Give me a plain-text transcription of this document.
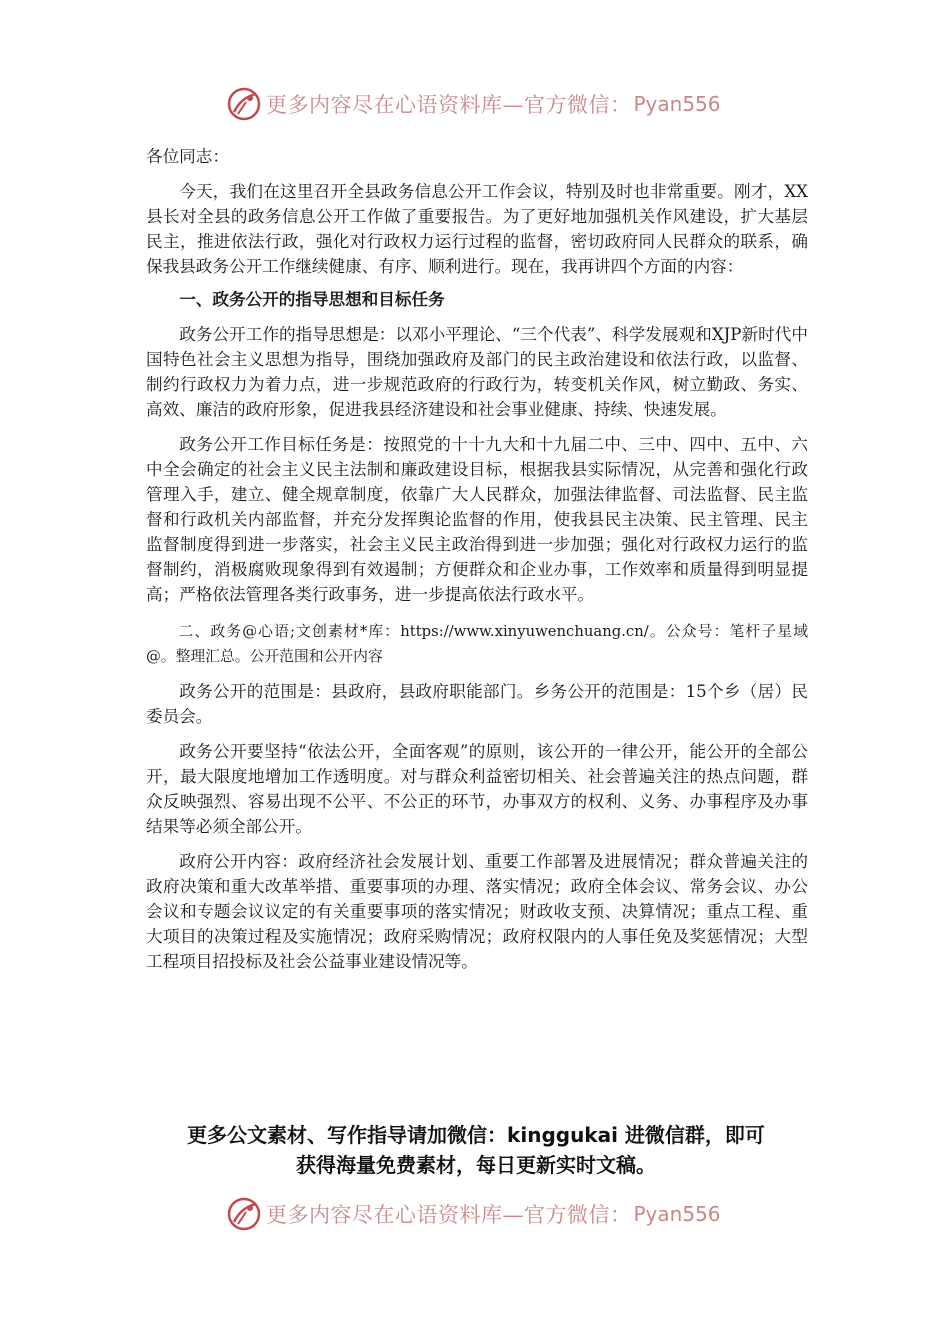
更多内容尽在心语资料库—官方微信： Pyan556

各位同志：

今天，我们在这里召开全县政务信息公开工作会议，特别及时也非常重要。刚才，XX县长对全县的政务信息公开工作做了重要报告。为了更好地加强机关作风建设，扩大基层民主，推进依法行政，强化对行政权力运行过程的监督，密切政府同人民群众的联系，确保我县政务公开工作继续健康、有序、顺利进行。现在，我再讲四个方面的内容：

一、政务公开的指导思想和目标任务

政务公开工作的指导思想是：以邓小平理论、“三个代表”、科学发展观和XJP新时代中国特色社会主义思想为指导，围绕加强政府及部门的民主政治建设和依法行政，以监督、制约行政权力为着力点，进一步规范政府的行政行为，转变机关作风，树立勤政、务实、高效、廉洁的政府形象，促进我县经济建设和社会事业健康、持续、快速发展。

政务公开工作目标任务是：按照党的十十九大和十九届二中、三中、四中、五中、六中全会确定的社会主义民主法制和廉政建设目标，根据我县实际情况，从完善和强化行政管理入手，建立、健全规章制度，依靠广大人民群众，加强法律监督、司法监督、民主监督和行政机关内部监督，并充分发挥舆论监督的作用，使我县民主决策、民主管理、民主监督制度得到进一步落实，社会主义民主政治得到进一步加强；强化对行政权力运行的监督制约，消极腐败现象得到有效遏制；方便群众和企业办事，工作效率和质量得到明显提高；严格依法管理各类行政事务，进一步提高依法行政水平。

二、政务@心语;文创素材*库：https://www.xinyuwenchuang.cn/。公众号：笔杆子星域@。整理汇总。公开范围和公开内容

政务公开的范围是：县政府，县政府职能部门。乡务公开的范围是：15个乡（居）民委员会。

政务公开要坚持“依法公开，全面客观”的原则，该公开的一律公开，能公开的全部公开，最大限度地增加工作透明度。对与群众利益密切相关、社会普遍关注的热点问题，群众反映强烈、容易出现不公平、不公正的环节，办事双方的权利、义务、办事程序及办事结果等必须全部公开。

政府公开内容：政府经济社会发展计划、重要工作部署及进展情况；群众普遍关注的政府决策和重大改革举措、重要事项的办理、落实情况；政府全体会议、常务会议、办公会议和专题会议议定的有关重要事项的落实情况；财政收支预、决算情况；重点工程、重大项目的决策过程及实施情况；政府采购情况；政府权限内的人事任免及奖惩情况；大型工程项目招投标及社会公益事业建设情况等。

更多公文素材、写作指导请加微信：kinggukai 进微信群，即可
获得海量免费素材，每日更新实时文稿。
更多内容尽在心语资料库—官方微信： Pyan556
